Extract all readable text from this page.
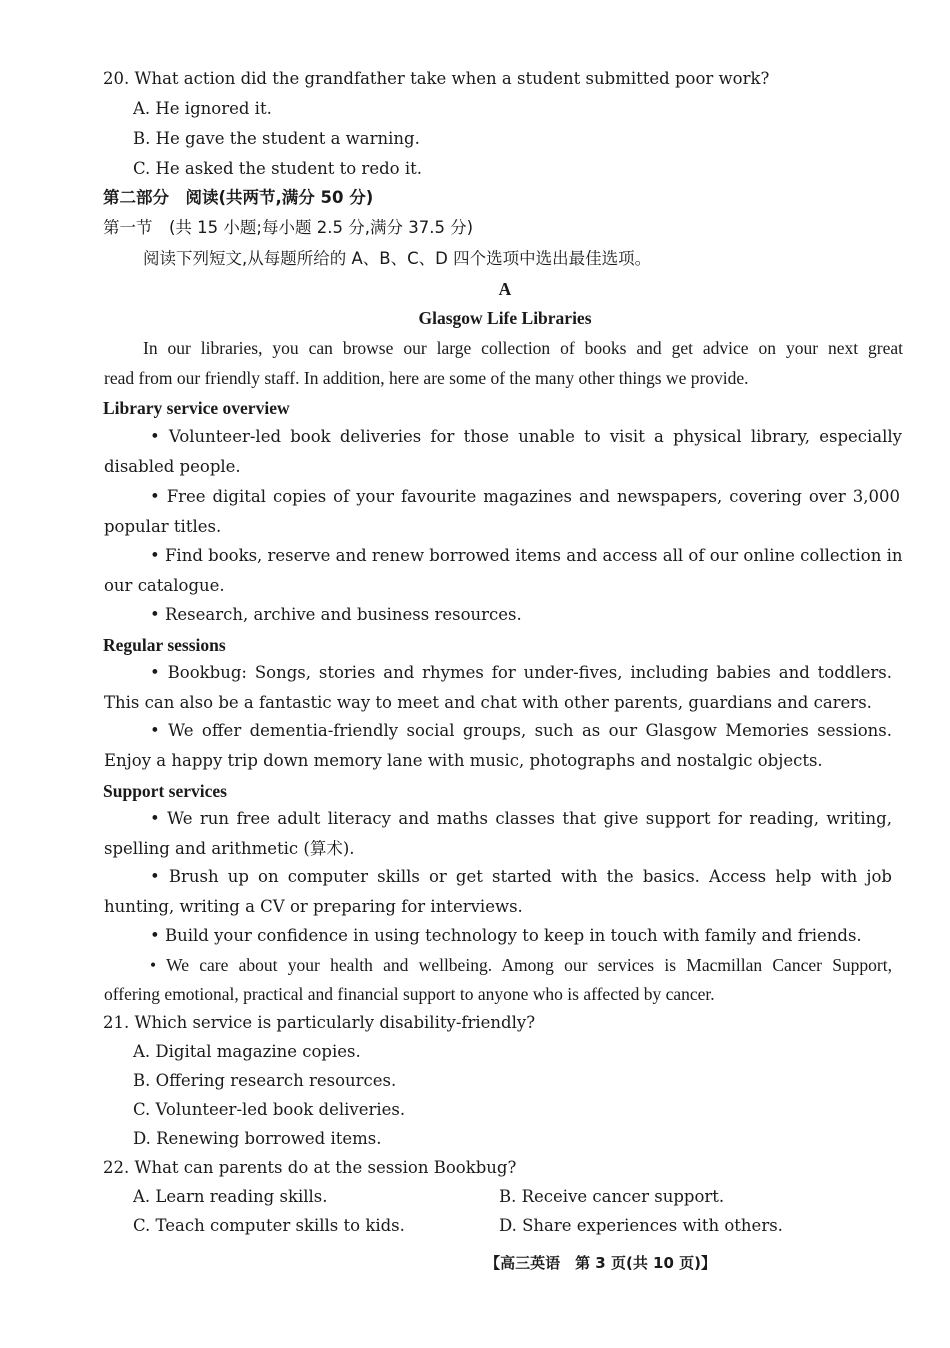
20. What action did the grandfather take when a student submitted poor work?
A. He ignored it.
B. He gave the student a warning.
C. He asked the student to redo it.
第二部分　阅读(共两节,满分 50 分)
第一节　(共 15 小题;每小题 2.5 分,满分 37.5 分)
阅读下列短文,从每题所给的 A、B、C、D 四个选项中选出最佳选项。
A
Glasgow Life Libraries
In our libraries, you can browse our large collection of books and get advice on your next great
read from our friendly staff. In addition, here are some of the many other things we provide.
Library service overview
• Volunteer-led book deliveries for those unable to visit a physical library, especially
disabled people.
• Free digital copies of your favourite magazines and newspapers, covering over 3,000
popular titles.
• Find books, reserve and renew borrowed items and access all of our online collection in
our catalogue.
• Research, archive and business resources.
Regular sessions
• Bookbug: Songs, stories and rhymes for under-fives, including babies and toddlers.
This can also be a fantastic way to meet and chat with other parents, guardians and carers.
• We offer dementia-friendly social groups, such as our Glasgow Memories sessions.
Enjoy a happy trip down memory lane with music, photographs and nostalgic objects.
Support services
• We run free adult literacy and maths classes that give support for reading, writing,
spelling and arithmetic (算术).
• Brush up on computer skills or get started with the basics. Access help with job
hunting, writing a CV or preparing for interviews.
• Build your confidence in using technology to keep in touch with family and friends.
• We care about your health and wellbeing. Among our services is Macmillan Cancer Support,
offering emotional, practical and financial support to anyone who is affected by cancer.
21. Which service is particularly disability-friendly?
A. Digital magazine copies.
B. Offering research resources.
C. Volunteer-led book deliveries.
D. Renewing borrowed items.
22. What can parents do at the session Bookbug?
A. Learn reading skills.	B. Receive cancer support.
C. Teach computer skills to kids.	D. Share experiences with others.
【高三英语　第 3 页(共 10 页)】
